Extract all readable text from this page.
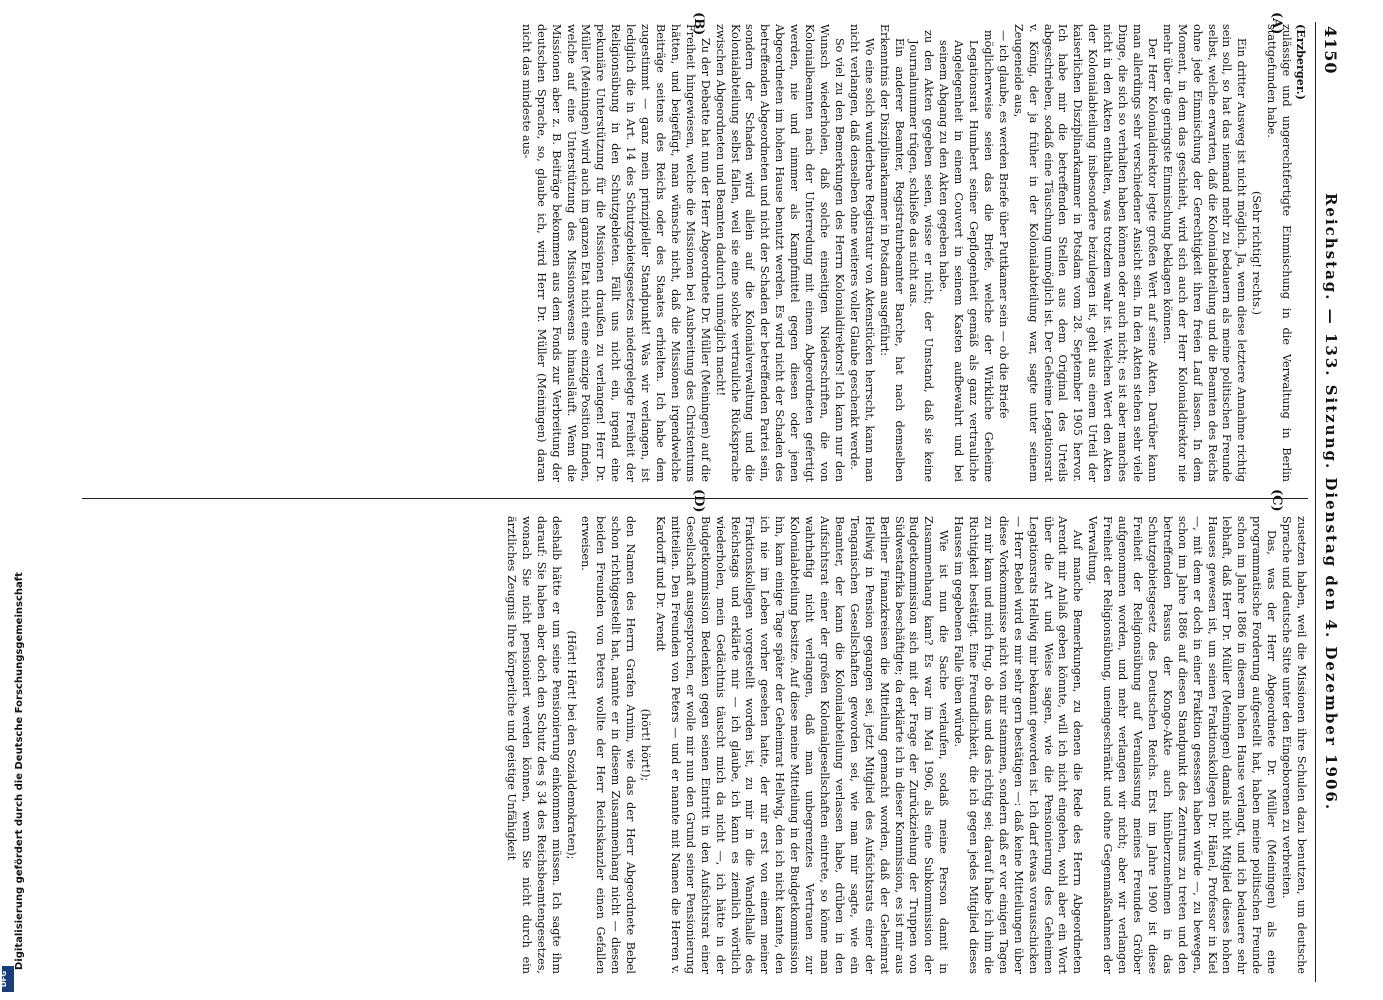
4150
Reichstag. — 133. Sitzung. Dienstag den 4. Dezember 1906.
(A)
(B)
(C)
(D)

(Erzberger.)

zulässige und ungerechtfertigte Einmischung in die Verwaltung in Berlin stattgefunden habe.

(Sehr richtig! rechts.)

Ein dritter Ausweg ist nicht möglich. Ja, wenn diese letztere Annahme richtig sein soll, so hat das niemand mehr zu bedauern als meine politischen Freunde selbst, welche erwarten, daß die Kolonialabteilung und die Beamten des Reichs ohne jede Einmischung der Gerechtigkeit ihren freien Lauf lassen. In dem Moment, in dem das geschieht, wird sich auch der Herr Kolonialdirektor nie mehr über die geringste Einmischung beklagen können.

Der Herr Kolonialdirektor legte großen Wert auf seine Akten. Darüber kann man allerdings sehr verschiedener Ansicht sein. In den Akten stehen sehr viele Dinge, die sich so verhalten haben können oder auch nicht; es ist aber manches nicht in den Akten enthalten, was trotzdem wahr ist. Welchen Wert den Akten der Kolonialabteilung insbesondere beizulegen ist, geht aus einem Urteil der kaiserlichen Disziplinarkammer in Potsdam vom 28. September 1905 hervor. Ich habe mir die betreffenden Stellen aus dem Original des Urteils abgeschrieben, sodaß eine Täuschung unmöglich ist. Der Geheime Legationsrat v. König, der ja früher in der Kolonialabteilung war, sagte unter seinem Zeugeneide aus,

— ich glaube, es werden Briefe über Puttkamer sein — ob die Briefe

möglicherweise seien das die Briefe, welche der Wirkliche Geheime Legationsrat Humbert seiner Gepflogenheit gemäß als ganz vertrauliche Angelegenheit in einem Couvert in seinem Kasten aufbewahrt und bei seinem Abgang zu den Akten gegeben habe.

zu den Akten gegeben seien, wisse er nicht; der Umstand, daß sie keine Journalnummer trügen, schließe das nicht aus.

Ein anderer Beamter, Registraturbeamter Barche, hat nach demselben Erkenntnis der Disziplinarkammer in Potsdam ausgeführt:

Wo eine solch wunderbare Registratur von Aktenstücken herrscht, kann man nicht verlangen, daß denselben ohne weiteres voller Glaube geschenkt werde.

So viel zu den Bemerkungen des Herrn Kolonialdirektors! Ich kann nur den Wunsch wiederholen, daß solche einseitigen Niederschriften, die von Kolonialbeamten nach der Unterredung mit einem Abgeordneten gefertigt werden, nie und nimmer als Kampfmittel gegen diesen oder jenen Abgeordneten im hohen Hause benutzt werden. Es wird nicht der Schaden des betreffenden Abgeordneten und nicht der Schaden der betreffenden Partei sein, sondern der Schaden wird allein auf die Kolonialverwaltung und die Kolonialabteilung selbst fallen, weil sie eine solche vertrauliche Rücksprache zwischen Abgeordneten und Beamten dadurch unmöglich macht!

Zu der Debatte hat nun der Herr Abgeordnete Dr. Müller (Meiningen) auf die Freiheit hingewiesen, welche die Missionen bei Ausbreitung des Christentums hätten, und beigefügt, man wünsche nicht, daß die Missionen irgendwelche Beiträge seitens des Reichs oder des Staates erhielten. Ich habe dem zugestimmt — ganz mein prinzipieller Standpunkt! Was wir verlangen, ist lediglich die in Art. 14 des Schutzgebietsgesetzes niedergelegte Freiheit der Religionsübung in den Schutzgebieten. Fällt uns nicht ein, irgend eine pekuniäre Unterstützung für die Missionen draußen zu verlangen! Herr Dr. Müller (Meiningen) wird auch im ganzen Etat nicht eine einzige Position finden, welche auf eine Unterstützung des Missionswesens hinausläuft. Wenn die Missionen aber z. B. Beiträge bekommen aus dem Fonds zur Verbreitung der deutschen Sprache, so, glaube ich, wird Herr Dr. Müller (Meiningen) daran nicht das mindeste aus-

zusetzen haben, weil die Missionen ihre Schulen dazu benutzen, um deutsche Sprache und deutsche Sitte unter den Eingeborenen zu verbreiten.

Das, was der Herr Abgeordnete Dr. Müller (Meiningen) als eine programmatische Forderung aufgestellt hat, haben meine politischen Freunde schon im Jahre 1886 in diesem hohen Hause verlangt, und ich bedauere sehr lebhaft, daß Herr Dr. Müller (Meiningen) damals nicht Mitglied dieses hohen Hauses gewesen ist, um seinen Fraktionskollegen Dr. Hänel, Professor in Kiel —, mit dem er doch in einer Fraktion gesessen haben würde —, zu bewegen, schon im Jahre 1886 auf diesen Standpunkt des Zentrums zu treten und den betreffenden Passus der Kongo-Akte auch hinüberzunehmen in das Schutzgebietsgesetz des Deutschen Reichs. Erst im Jahre 1900 ist diese Freiheit der Religionsübung auf Veranlassung meines Freundes Gröber aufgenommen worden, und mehr verlangen wir nicht; aber wir verlangen Freiheit der Religionsübung, uneingeschränkt und ohne Gegenmaßnahmen der Verwaltung.

Auf manche Bemerkungen, zu denen die Rede des Herrn Abgeordneten Arendt mir Anlaß geben könnte, will ich nicht eingehen, wohl aber ein Wort über die Art und Weise sagen, wie die Pensionierung des Geheimen Legationsrats Hellwig mir bekannt geworden ist. Ich darf etwas vorausschicken — Herr Bebel wird es mir sehr gern bestätigen —: daß keine Mitteilungen über diese Vorkommnisse nicht von mir stammen, sondern daß er vor einigen Tagen zu mir kam und mich frug, ob das und das richtig sei; darauf habe ich ihm die Richtigkeit bestätigt. Eine Freundlichkeit, die ich gegen jedes Mitglied dieses Hauses im gegebenen Falle üben würde.

Wie ist nun die Sache verlaufen, sodaß meine Person damit in Zusammenhang kam? Es war im Mai 1906, als eine Subkommission der Budgetkommission sich mit der Frage der Zurückziehung der Truppen von Südwestafrika beschäftigte; da erklärte ich in dieser Kommission, es ist mir aus Berliner Finanzkreisen die Mitteilung gemacht worden, daß der Geheimrat Hellwig in Pension gegangen sei, jetzt Mitglied des Aufsichtsrats einer der Tenganischen Gesellschaften geworden sei, wie man mir sagte, wie ein Beamter, der kann die Kolonialabteilung verlassen habe, drüben in den Aufsichtsrat einer der großen Kolonialgesellschaften eintrete, so könne man wahrhaftig nicht verlangen, daß man unbegrenztes Vertrauen zur Kolonialabteilung besitze. Auf diese meine Mitteilung in der Budgetkommission hin, kam einige Tage später der Geheimrat Hellwig, den ich nicht kannte, den ich nie im Leben vorher gesehen hatte, der mir erst von einem meiner Fraktionskollegen vorgestellt worden ist, zu mir in die Wandelhalle des Reichstags und erklärte mir — ich glaube, ich kann es ziemlich wörtlich wiederholen, mein Gedächtnis täuscht mich da nicht —, ich hätte in der Budgetkommission Bedenken gegen seinen Eintritt in den Aufsichtsrat einer Gesellschaft ausgesprochen, er wolle mir nun den Grund seiner Pensionierung mitteilen. Den Freunden von Peters — und er nannte mit Namen die Herren v. Kardorff und Dr. Arendt

(hört! hört!);

den Namen des Herrn Grafen Arnim, wie das der Herr Abgeordnete Bebel schon richtiggestellt hat, nannte er in diesem Zusammenhang nicht — diesen beiden Freunden von Peters wollte der Herr Reichskanzler einen Gefallen erweisen.

(Hört! Hört! bei den Sozialdemokraten);

deshalb hätte er um seine Pensionierung einkommen müssen. Ich sagte ihm darauf: Sie haben aber doch den Schutz des § 34 des Reichsbeamtengesetzes, wonach Sie nicht pensioniert werden können, wenn Sie nicht durch ein ärztliches Zeugnis Ihre körperliche und geistige Unfähigkeit

DFG
Digitalisierung gefördert durch die Deutsche Forschungsgemeinschaft
